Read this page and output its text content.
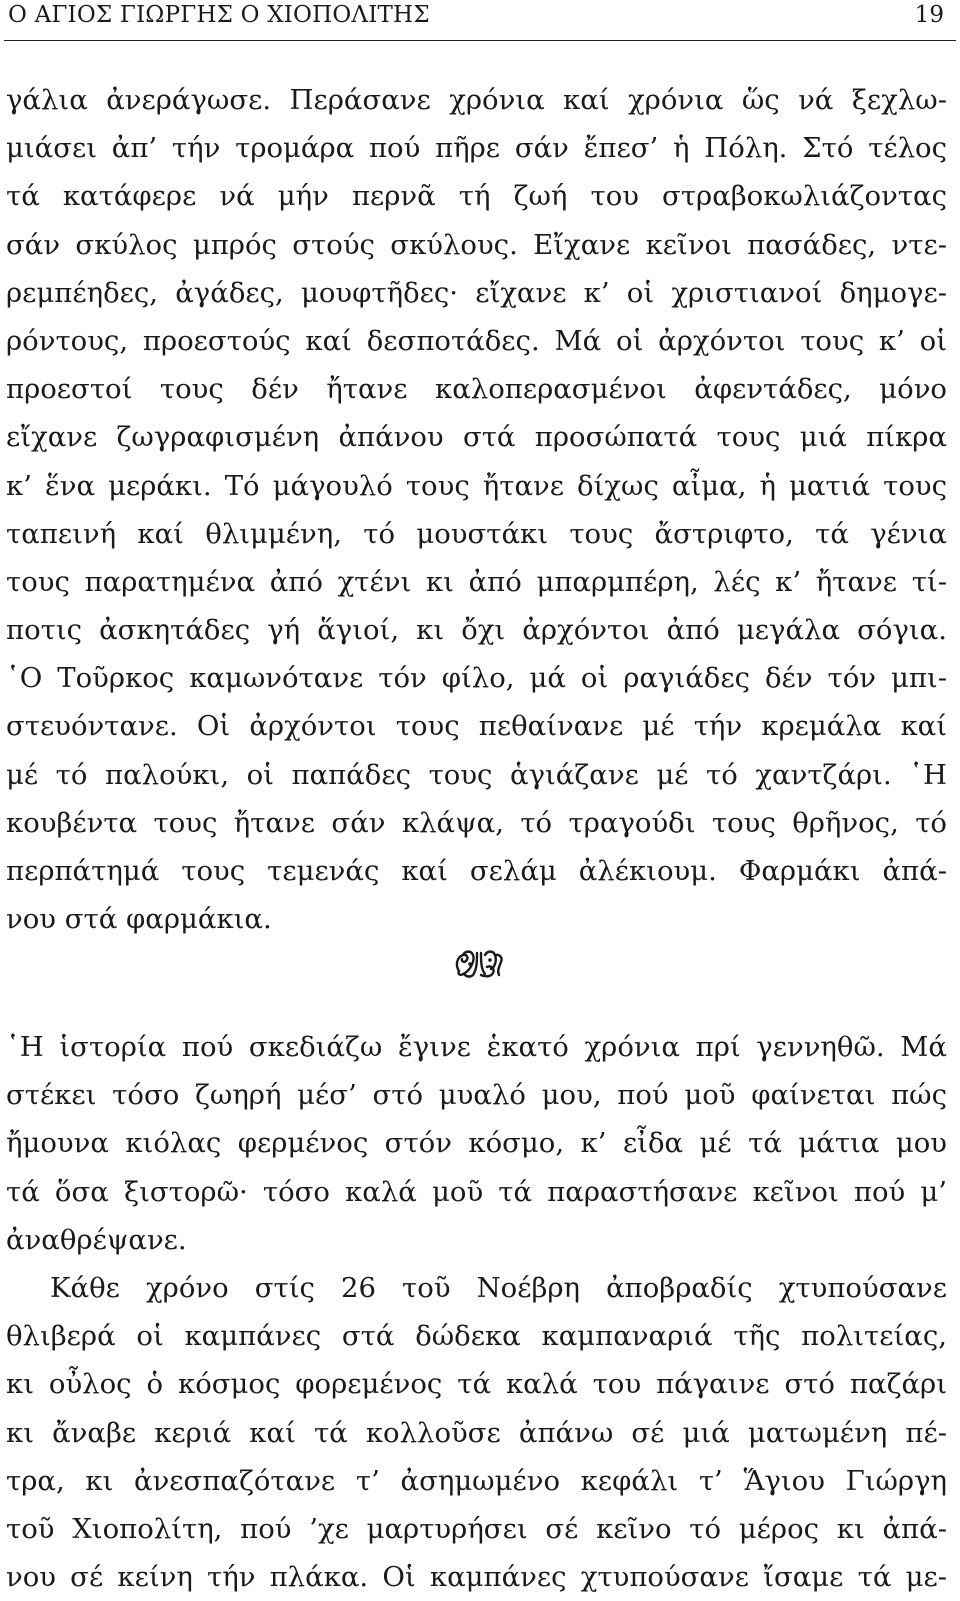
Ο ΑΓΙΟΣ ΓΙΩΡΓΗΣ Ο ΧΙΟΠΟΛΙΤΗΣ	19
γάλια ἀνεράγωσε. Περάσανε χρόνια καί χρόνια ὥς νά ξεχλω-
μιάσει ἀπ’ τήν τρομάρα πού πῆρε σάν ἔπεσ’ ἡ Πόλη. Στό τέλος
τά κατάφερε νά μήν περνᾶ τή ζωή του στραβοκωλιάζοντας
σάν σκύλος μπρός στούς σκύλους. Εἴχανε κεῖνοι πασάδες, ντε-
ρεμπέηδες, ἀγάδες, μουφτῆδες· εἴχανε κ’ οἱ χριστιανοί δημογε-
ρόντους, προεστούς καί δεσποτάδες. Μά οἱ ἀρχόντοι τους κ’ οἱ
προεστοί τους δέν ἤτανε καλοπερασμένοι ἀφεντάδες, μόνο
εἴχανε ζωγραφισμένη ἀπάνου στά προσώπατά τους μιά πίκρα
κ’ ἕνα μεράκι. Τό μάγουλό τους ἤτανε δίχως αἶμα, ἡ ματιά τους
ταπεινή καί θλιμμένη, τό μουστάκι τους ἄστριφτο, τά γένια
τους παρατημένα ἀπό χτένι κι ἀπό μπαρμπέρη, λές κ’ ἤτανε τί-
ποτις ἀσκητάδες γή ἅγιοί, κι ὄχι ἀρχόντοι ἀπό μεγάλα σόγια.
῾Ο Τοῦρκος καμωνότανε τόν φίλο, μά οἱ ραγιάδες δέν τόν μπι-
στευόντανε. Οἱ ἀρχόντοι τους πεθαίνανε μέ τήν κρεμάλα καί
μέ τό παλούκι, οἱ παπάδες τους ἁγιάζανε μέ τό χαντζάρι. ῾Η
κουβέντα τους ἤτανε σάν κλάψα, τό τραγούδι τους θρῆνος, τό
περπάτημά τους τεμενάς καί σελάμ ἀλέκιουμ. Φαρμάκι ἀπά-
νου στά φαρμάκια.
῾Η ἱστορία πού σκεδιάζω ἔγινε ἑκατό χρόνια πρί γεννηθῶ. Μά
στέκει τόσο ζωηρή μέσ’ στό μυαλό μου, πού μοῦ φαίνεται πώς
ἤμουνα κιόλας φερμένος στόν κόσμο, κ’ εἶδα μέ τά μάτια μου
τά ὅσα ξιστορῶ· τόσο καλά μοῦ τά παραστήσανε κεῖνοι πού μ’
ἀναθρέψανε.
Κάθε χρόνο στίς 26 τοῦ Νοέβρη ἀποβραδίς χτυπούσανε
θλιβερά οἱ καμπάνες στά δώδεκα καμπαναριά τῆς πολιτείας,
κι οὖλος ὁ κόσμος φορεμένος τά καλά του πάγαινε στό παζάρι
κι ἄναβε κεριά καί τά κολλοῦσε ἀπάνω σέ μιά ματωμένη πέ-
τρα, κι ἀνεσπαζότανε τ’ ἀσημωμένο κεφάλι τ’ Ἅγιου Γιώργη
τοῦ Χιοπολίτη, πού ’χε μαρτυρήσει σέ κεῖνο τό μέρος κι ἀπά-
νου σέ κείνη τήν πλάκα. Οἱ καμπάνες χτυπούσανε ἴσαμε τά με-
